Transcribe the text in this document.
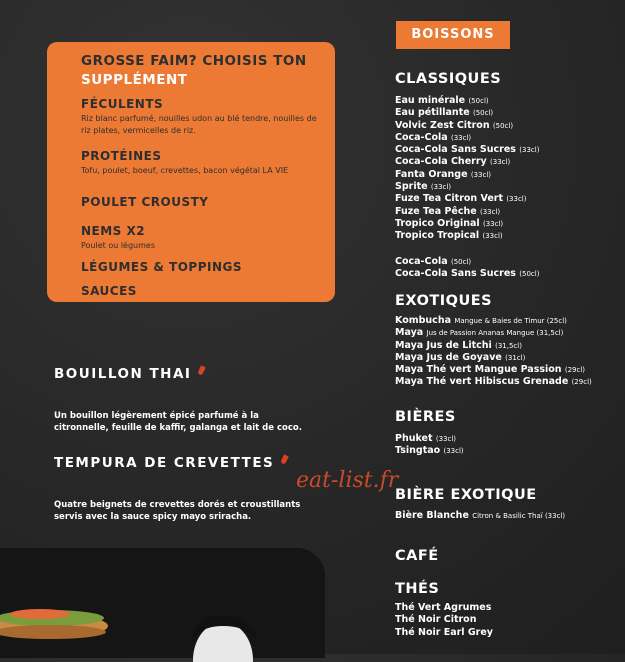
GROSSE FAIM? CHOISIS TON SUPPLÉMENT
FÉCULENTS
Riz blanc parfumé, nouilles udon au blé tendre, nouilles de riz plates, vermicelles de riz.
PROTÉINES
Tofu, poulet, boeuf, crevettes, bacon végétal LA VIE
POULET CROUSTY
NEMS X2
Poulet ou légumes
LÉGUMES & TOPPINGS
SAUCES
BOUILLON THAI
Un bouillon légèrement épicé parfumé à la citronnelle, feuille de kaffir, galanga et lait de coco.
TEMPURA DE CREVETTES
Quatre beignets de crevettes dorés et croustillants servis avec la sauce spicy mayo sriracha.
eat-list.fr
BOISSONS
CLASSIQUES
Eau minérale (50cl)
Eau pétillante (50cl)
Volvic Zest Citron (50cl)
Coca-Cola (33cl)
Coca-Cola Sans Sucres (33cl)
Coca-Cola Cherry (33cl)
Fanta Orange (33cl)
Sprite (33cl)
Fuze Tea Citron Vert (33cl)
Fuze Tea Pêche (33cl)
Tropico Original (33cl)
Tropico Tropical (33cl)
Coca-Cola (50cl)
Coca-Cola Sans Sucres (50cl)
EXOTIQUES
Kombucha Mangue & Baies de Timur (25cl)
Maya Jus de Passion Ananas Mangue (31,5cl)
Maya Jus de Litchi (31,5cl)
Maya Jus de Goyave (31cl)
Maya Thé vert Mangue Passion (29cl)
Maya Thé vert Hibiscus Grenade (29cl)
BIÈRES
Phuket (33cl)
Tsingtao (33cl)
BIÈRE EXOTIQUE
Bière Blanche Citron & Basilic Thaï (33cl)
CAFÉ
THÉS
Thé Vert Agrumes
Thé Noir Citron
Thé Noir Earl Grey
